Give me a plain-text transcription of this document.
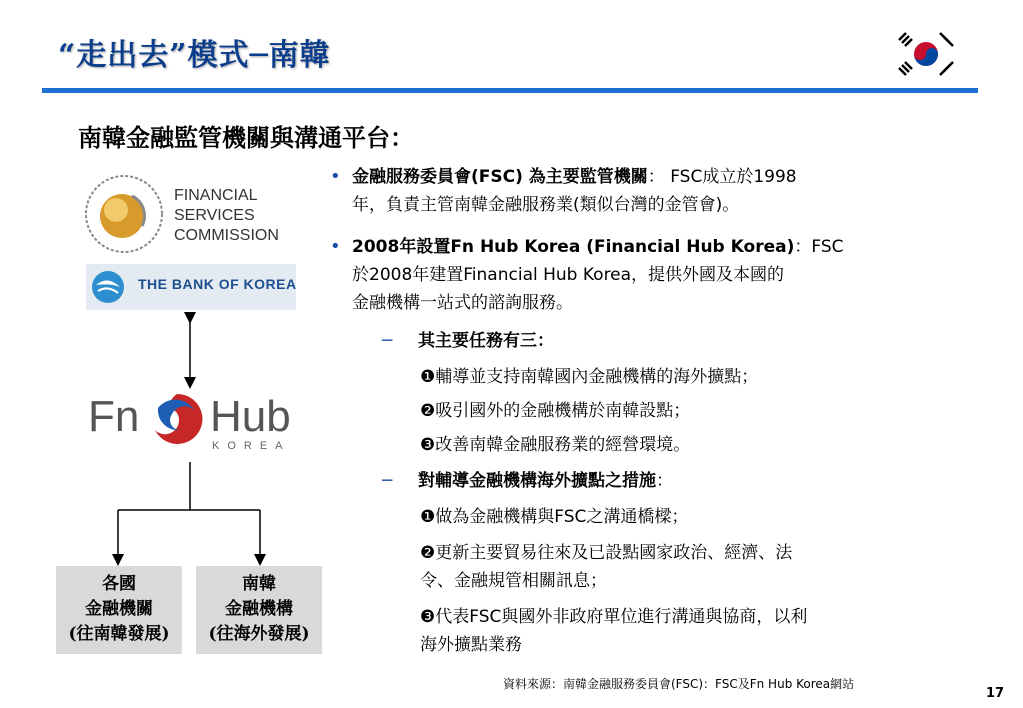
“走出去”模式─南韓
南韓金融監管機關與溝通平台：
FINANCIAL
SERVICES
COMMISSION
THE BANK OF KOREA
Fn Hub
KOREA
各國
金融機關
(往南韓發展)
南韓
金融機構
(往海外發展)
• 金融服務委員會(FSC) 為主要監管機關： FSC成立於1998
年，負責主管南韓金融服務業(類似台灣的金管會)。
• 2008年設置Fn Hub Korea (Financial Hub Korea)：FSC
於2008年建置Financial Hub Korea，提供外國及本國的
金融機構一站式的諮詢服務。
─ 其主要任務有三：
❶輔導並支持南韓國內金融機構的海外擴點；
❷吸引國外的金融機構於南韓設點；
❸改善南韓金融服務業的經營環境。
─ 對輔導金融機構海外擴點之措施：
❶做為金融機構與FSC之溝通橋樑；
❷更新主要貿易往來及已設點國家政治、經濟、法
令、金融規管相關訊息；
❸代表FSC與國外非政府單位進行溝通與協商，以利
海外擴點業務
資料來源：南韓金融服務委員會(FSC)：FSC及Fn Hub Korea網站
17
